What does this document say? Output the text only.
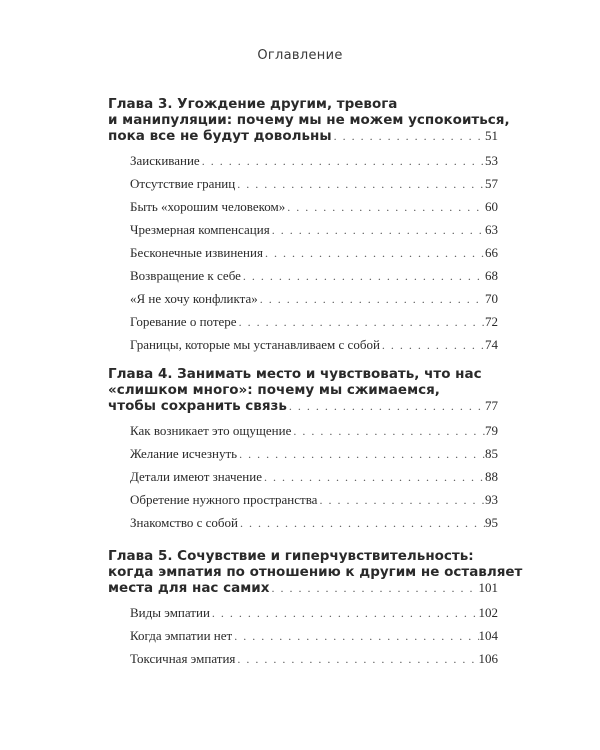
Оглавление
Глава 3. Угождение другим, тревога
и манипуляции: почему мы не можем успокоиться,
пока все не будут довольны . . .	51
Заискивание . . .	53
Отсутствие границ . . .	57
Быть «хорошим человеком» . . .	60
Чрезмерная компенсация . . .	63
Бесконечные извинения . . .	66
Возвращение к себе . . .	68
«Я не хочу конфликта» . . .	70
Горевание о потере . . .	72
Границы, которые мы устанавливаем с собой . . .	74
Глава 4. Занимать место и чувствовать, что нас
«слишком много»: почему мы сжимаемся,
чтобы сохранить связь . . .	77
Как возникает это ощущение . . .	79
Желание исчезнуть . . .	85
Детали имеют значение . . .	88
Обретение нужного пространства . . .	93
Знакомство с собой . . .	95
Глава 5. Сочувствие и гиперчувствительность:
когда эмпатия по отношению к другим не оставляет
места для нас самих . . .	101
Виды эмпатии . . .	102
Когда эмпатии нет . . .	104
Токсичная эмпатия . . .	106
